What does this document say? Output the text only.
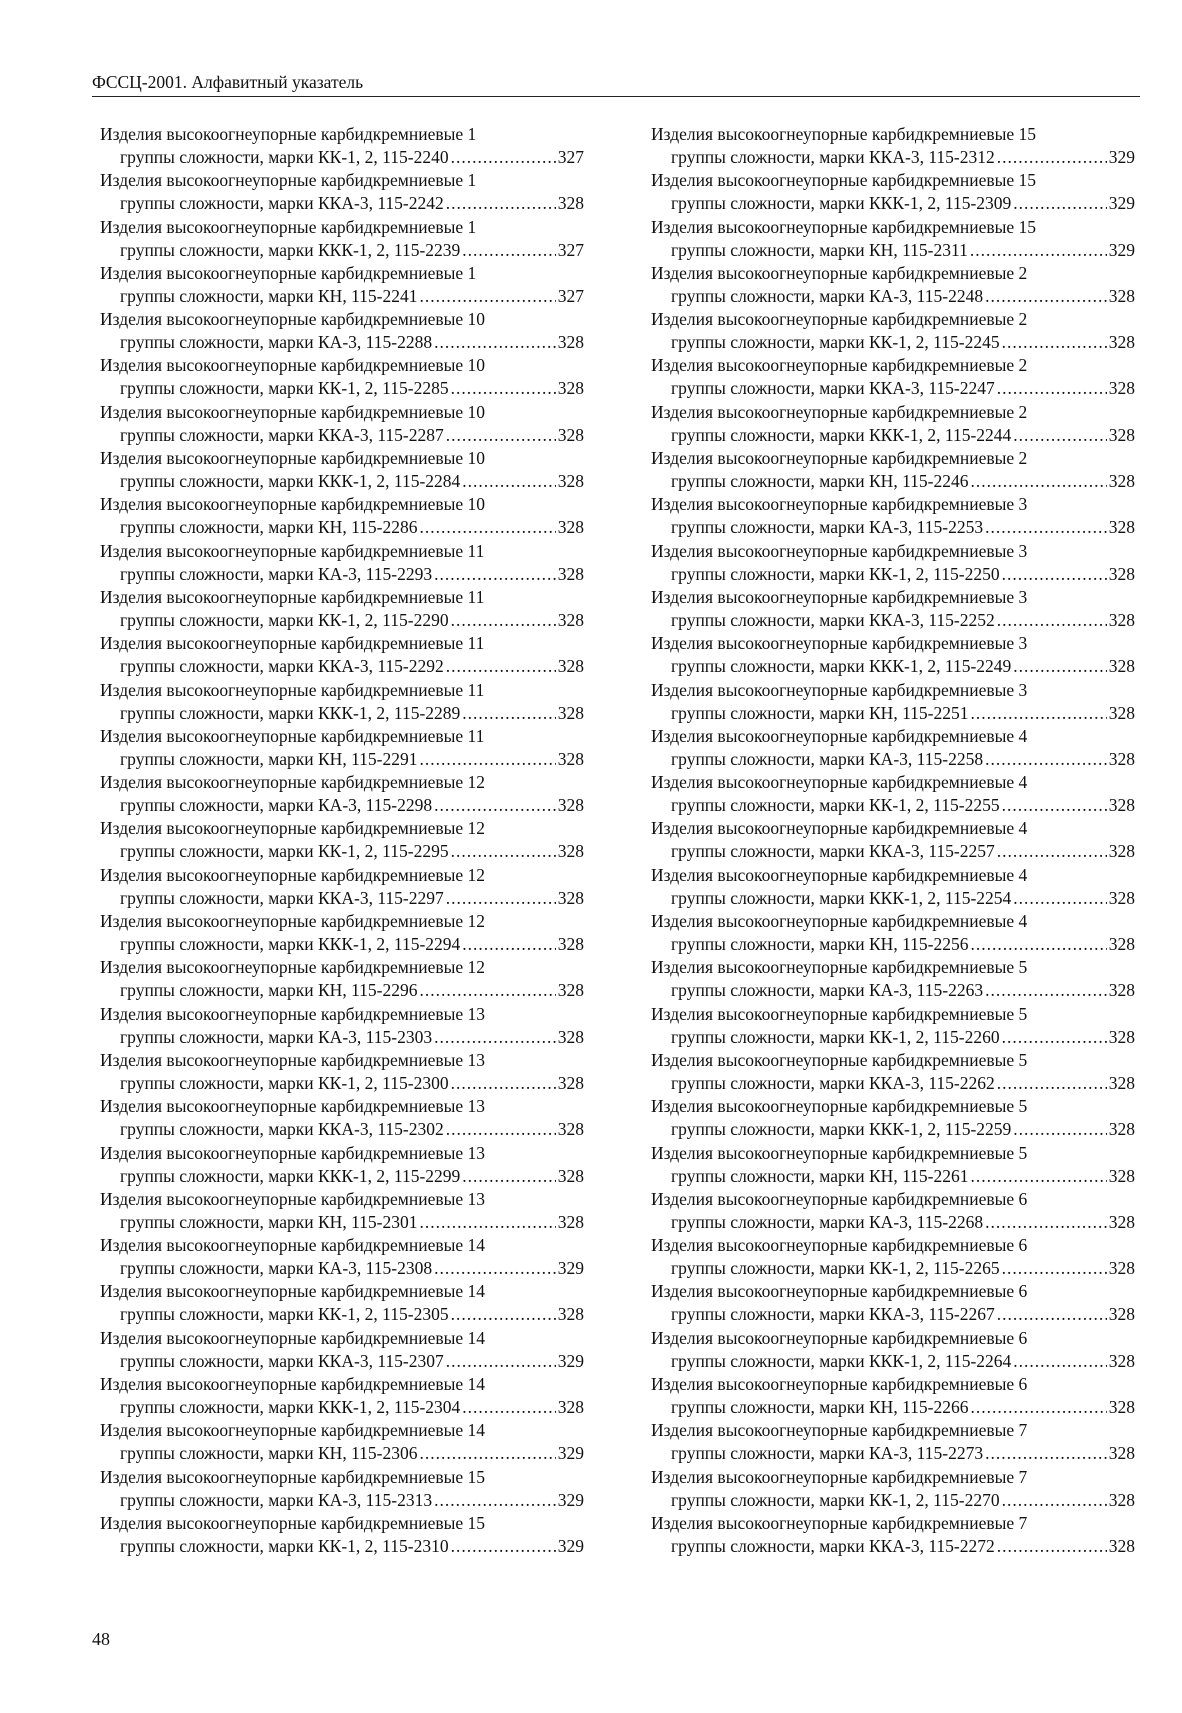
ФССЦ-2001. Алфавитный указатель
Изделия высокоогнеупорные карбидкремниевые 1
группы сложности, марки КК-1, 2, 115-2240 .....	327
Изделия высокоогнеупорные карбидкремниевые 1
группы сложности, марки ККА-3, 115-2242 .....	328
Изделия высокоогнеупорные карбидкремниевые 1
группы сложности, марки ККК-1, 2, 115-2239 .....	327
Изделия высокоогнеупорные карбидкремниевые 1
группы сложности, марки КН, 115-2241 .....	327
Изделия высокоогнеупорные карбидкремниевые 10
группы сложности, марки КА-3, 115-2288 .....	328
Изделия высокоогнеупорные карбидкремниевые 10
группы сложности, марки КК-1, 2, 115-2285 .....	328
Изделия высокоогнеупорные карбидкремниевые 10
группы сложности, марки ККА-3, 115-2287 .....	328
Изделия высокоогнеупорные карбидкремниевые 10
группы сложности, марки ККК-1, 2, 115-2284 .....	328
Изделия высокоогнеупорные карбидкремниевые 10
группы сложности, марки КН, 115-2286 .....	328
Изделия высокоогнеупорные карбидкремниевые 11
группы сложности, марки КА-3, 115-2293 .....	328
Изделия высокоогнеупорные карбидкремниевые 11
группы сложности, марки КК-1, 2, 115-2290 .....	328
Изделия высокоогнеупорные карбидкремниевые 11
группы сложности, марки ККА-3, 115-2292 .....	328
Изделия высокоогнеупорные карбидкремниевые 11
группы сложности, марки ККК-1, 2, 115-2289 .....	328
Изделия высокоогнеупорные карбидкремниевые 11
группы сложности, марки КН, 115-2291 .....	328
Изделия высокоогнеупорные карбидкремниевые 12
группы сложности, марки КА-3, 115-2298 .....	328
Изделия высокоогнеупорные карбидкремниевые 12
группы сложности, марки КК-1, 2, 115-2295 .....	328
Изделия высокоогнеупорные карбидкремниевые 12
группы сложности, марки ККА-3, 115-2297 .....	328
Изделия высокоогнеупорные карбидкремниевые 12
группы сложности, марки ККК-1, 2, 115-2294 .....	328
Изделия высокоогнеупорные карбидкремниевые 12
группы сложности, марки КН, 115-2296 .....	328
Изделия высокоогнеупорные карбидкремниевые 13
группы сложности, марки КА-3, 115-2303 .....	328
Изделия высокоогнеупорные карбидкремниевые 13
группы сложности, марки КК-1, 2, 115-2300 .....	328
Изделия высокоогнеупорные карбидкремниевые 13
группы сложности, марки ККА-3, 115-2302 .....	328
Изделия высокоогнеупорные карбидкремниевые 13
группы сложности, марки ККК-1, 2, 115-2299 .....	328
Изделия высокоогнеупорные карбидкремниевые 13
группы сложности, марки КН, 115-2301 .....	328
Изделия высокоогнеупорные карбидкремниевые 14
группы сложности, марки КА-3, 115-2308 .....	329
Изделия высокоогнеупорные карбидкремниевые 14
группы сложности, марки КК-1, 2, 115-2305 .....	328
Изделия высокоогнеупорные карбидкремниевые 14
группы сложности, марки ККА-3, 115-2307 .....	329
Изделия высокоогнеупорные карбидкремниевые 14
группы сложности, марки ККК-1, 2, 115-2304 .....	328
Изделия высокоогнеупорные карбидкремниевые 14
группы сложности, марки КН, 115-2306 .....	329
Изделия высокоогнеупорные карбидкремниевые 15
группы сложности, марки КА-3, 115-2313 .....	329
Изделия высокоогнеупорные карбидкремниевые 15
группы сложности, марки КК-1, 2, 115-2310 .....	329
Изделия высокоогнеупорные карбидкремниевые 15
группы сложности, марки ККА-3, 115-2312 .....	329
Изделия высокоогнеупорные карбидкремниевые 15
группы сложности, марки ККК-1, 2, 115-2309 .....	329
Изделия высокоогнеупорные карбидкремниевые 15
группы сложности, марки КН, 115-2311 .....	329
Изделия высокоогнеупорные карбидкремниевые 2
группы сложности, марки КА-3, 115-2248 .....	328
Изделия высокоогнеупорные карбидкремниевые 2
группы сложности, марки КК-1, 2, 115-2245 .....	328
Изделия высокоогнеупорные карбидкремниевые 2
группы сложности, марки ККА-3, 115-2247 .....	328
Изделия высокоогнеупорные карбидкремниевые 2
группы сложности, марки ККК-1, 2, 115-2244 .....	328
Изделия высокоогнеупорные карбидкремниевые 2
группы сложности, марки КН, 115-2246 .....	328
Изделия высокоогнеупорные карбидкремниевые 3
группы сложности, марки КА-3, 115-2253 .....	328
Изделия высокоогнеупорные карбидкремниевые 3
группы сложности, марки КК-1, 2, 115-2250 .....	328
Изделия высокоогнеупорные карбидкремниевые 3
группы сложности, марки ККА-3, 115-2252 .....	328
Изделия высокоогнеупорные карбидкремниевые 3
группы сложности, марки ККК-1, 2, 115-2249 .....	328
Изделия высокоогнеупорные карбидкремниевые 3
группы сложности, марки КН, 115-2251 .....	328
Изделия высокоогнеупорные карбидкремниевые 4
группы сложности, марки КА-3, 115-2258 .....	328
Изделия высокоогнеупорные карбидкремниевые 4
группы сложности, марки КК-1, 2, 115-2255 .....	328
Изделия высокоогнеупорные карбидкремниевые 4
группы сложности, марки ККА-3, 115-2257 .....	328
Изделия высокоогнеупорные карбидкремниевые 4
группы сложности, марки ККК-1, 2, 115-2254 .....	328
Изделия высокоогнеупорные карбидкремниевые 4
группы сложности, марки КН, 115-2256 .....	328
Изделия высокоогнеупорные карбидкремниевые 5
группы сложности, марки КА-3, 115-2263 .....	328
Изделия высокоогнеупорные карбидкремниевые 5
группы сложности, марки КК-1, 2, 115-2260 .....	328
Изделия высокоогнеупорные карбидкремниевые 5
группы сложности, марки ККА-3, 115-2262 .....	328
Изделия высокоогнеупорные карбидкремниевые 5
группы сложности, марки ККК-1, 2, 115-2259 .....	328
Изделия высокоогнеупорные карбидкремниевые 5
группы сложности, марки КН, 115-2261 .....	328
Изделия высокоогнеупорные карбидкремниевые 6
группы сложности, марки КА-3, 115-2268 .....	328
Изделия высокоогнеупорные карбидкремниевые 6
группы сложности, марки КК-1, 2, 115-2265 .....	328
Изделия высокоогнеупорные карбидкремниевые 6
группы сложности, марки ККА-3, 115-2267 .....	328
Изделия высокоогнеупорные карбидкремниевые 6
группы сложности, марки ККК-1, 2, 115-2264 .....	328
Изделия высокоогнеупорные карбидкремниевые 6
группы сложности, марки КН, 115-2266 .....	328
Изделия высокоогнеупорные карбидкремниевые 7
группы сложности, марки КА-3, 115-2273 .....	328
Изделия высокоогнеупорные карбидкремниевые 7
группы сложности, марки КК-1, 2, 115-2270 .....	328
Изделия высокоогнеупорные карбидкремниевые 7
группы сложности, марки ККА-3, 115-2272 .....	328
48
